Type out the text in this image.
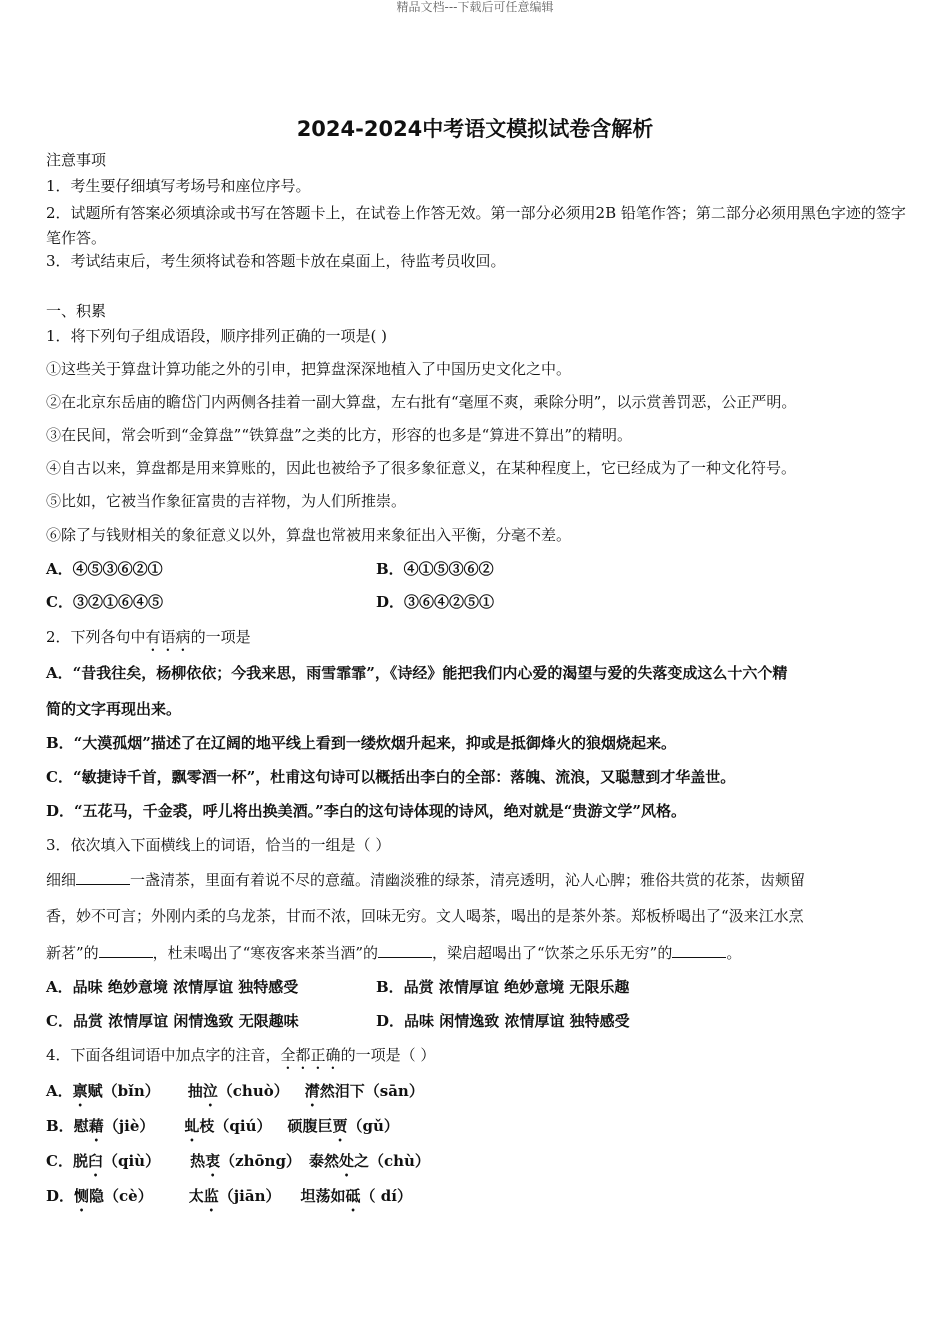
精品文档---下载后可任意编辑
2024-2024中考语文模拟试卷含解析
注意事项
1．考生要仔细填写考场号和座位序号。
2．试题所有答案必须填涂或书写在答题卡上，在试卷上作答无效。第一部分必须用2B 铅笔作答；第二部分必须用黑色字迹的签字笔作答。
3．考试结束后，考生须将试卷和答题卡放在桌面上，待监考员收回。
一、积累
1．将下列句子组成语段，顺序排列正确的一项是( )
①这些关于算盘计算功能之外的引申，把算盘深深地植入了中国历史文化之中。
②在北京东岳庙的瞻岱门内两侧各挂着一副大算盘，左右批有“毫厘不爽，乘除分明”，以示赏善罚恶，公正严明。
③在民间，常会听到“金算盘”“铁算盘”之类的比方，形容的也多是“算进不算出”的精明。
④自古以来，算盘都是用来算账的，因此也被给予了很多象征意义，在某种程度上，它已经成为了一种文化符号。
⑤比如，它被当作象征富贵的吉祥物，为人们所推崇。
⑥除了与钱财相关的象征意义以外，算盘也常被用来象征出入平衡，分毫不差。
A．④⑤③⑥②①	B．④①⑤③⑥②
C．③②①⑥④⑤	D．③⑥④②⑤①
2．下列各句中有语病的一项是
A．“昔我往矣，杨柳依依；今我来思，雨雪霏霏”，《诗经》能把我们内心爱的渴望与爱的失落变成这么十六个精
简的文字再现出来。
B．“大漠孤烟”描述了在辽阔的地平线上看到一缕炊烟升起来，抑或是抵御烽火的狼烟烧起来。
C．“敏捷诗千首，飘零酒一杯”，杜甫这句诗可以概括出李白的全部：落魄、流浪，又聪慧到才华盖世。
D．“五花马，千金裘，呼儿将出换美酒。”李白的这句诗体现的诗风，绝对就是“贵游文学”风格。
3．依次填入下面横线上的词语，恰当的一组是（ ）
细细	一盏清茶，里面有着说不尽的意蕴。清幽淡雅的绿茶，清亮透明，沁人心脾；雅俗共赏的花茶，齿颊留
香，妙不可言；外刚内柔的乌龙茶，甘而不浓，回味无穷。文人喝茶，喝出的是茶外茶。郑板桥喝出了“汲来江水烹
新茗”的	，杜耒喝出了“寒夜客来茶当酒”的	，梁启超喝出了“饮茶之乐乐无穷”的	。
A．品味 绝妙意境 浓情厚谊 独特感受	B．品赏 浓情厚谊 绝妙意境 无限乐趣
C．品赏 浓情厚谊 闲情逸致 无限趣味	D．品味 闲情逸致 浓情厚谊 独特感受
4．下面各组词语中加点字的注音，全都正确的一项是（ ）
A．禀赋（bǐn） 抽泣（chuò） 潸然泪下（sān）
B．慰藉（jiè） 虬枝（qiú） 硕腹巨贾（gǔ）
C．脱臼（qiù） 热衷（zhōng） 泰然处之（chù）
D．恻隐（cè） 太监（jiān） 坦荡如砥（ dí）
